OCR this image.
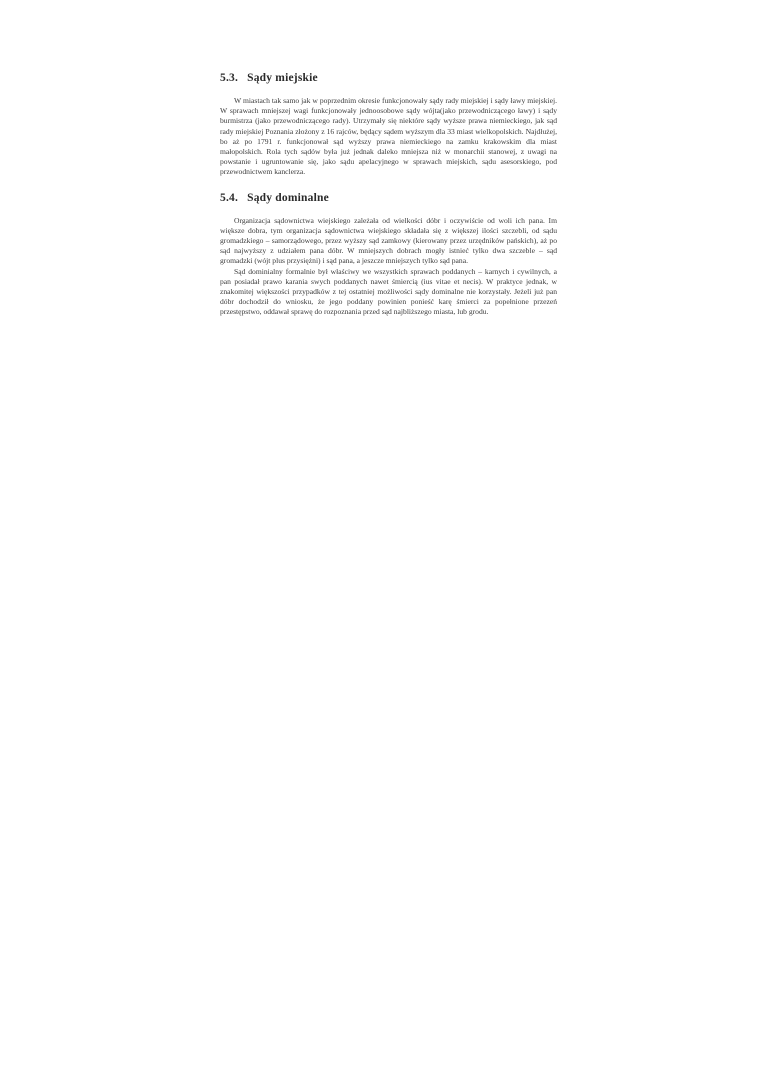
5.3. Sądy miejskie

W miastach tak samo jak w poprzednim okresie funkcjonowały sądy rady miejskiej i sądy ławy miejskiej. W sprawach mniejszej wagi funkcjonowały jednoosobowe sądy wójta(jako przewodniczącego ławy) i sądy burmistrza (jako przewodniczącego rady). Utrzymały się niektóre sądy wyższe prawa niemieckiego, jak sąd rady miejskiej Poznania złożony z 16 rajców, będący sądem wyższym dla 33 miast wielkopolskich. Najdłużej, bo aż po 1791 r. funkcjonował sąd wyższy prawa niemieckiego na zamku krakowskim dla miast małopolskich. Rola tych sądów była już jednak daleko mniejsza niż w monarchii stanowej, z uwagi na powstanie i ugruntowanie się, jako sądu apelacyjnego w sprawach miejskich, sądu asesorskiego, pod przewodnictwem kanclerza.

5.4. Sądy dominalne

Organizacja sądownictwa wiejskiego zależała od wielkości dóbr i oczywiście od woli ich pana. Im większe dobra, tym organizacja sądownictwa wiejskiego składała się z większej ilości szczebli, od sądu gromadzkiego – samorządowego, przez wyższy sąd zamkowy (kierowany przez urzędników pańskich), aż po sąd najwyższy z udziałem pana dóbr. W mniejszych dobrach mogły istnieć tylko dwa szczeble – sąd gromadzki (wójt plus przysiężni) i sąd pana, a jeszcze mniejszych tylko sąd pana.

Sąd dominialny formalnie był właściwy we wszystkich sprawach poddanych – karnych i cywilnych, a pan posiadał prawo karania swych poddanych nawet śmiercią (ius vitae et necis). W praktyce jednak, w znakomitej większości przypadków z tej ostatniej możliwości sądy dominalne nie korzystały. Jeżeli już pan dóbr dochodził do wniosku, że jego poddany powinien ponieść karę śmierci za popełnione przezeń przestępstwo, oddawał sprawę do rozpoznania przed sąd najbliższego miasta, lub grodu.
